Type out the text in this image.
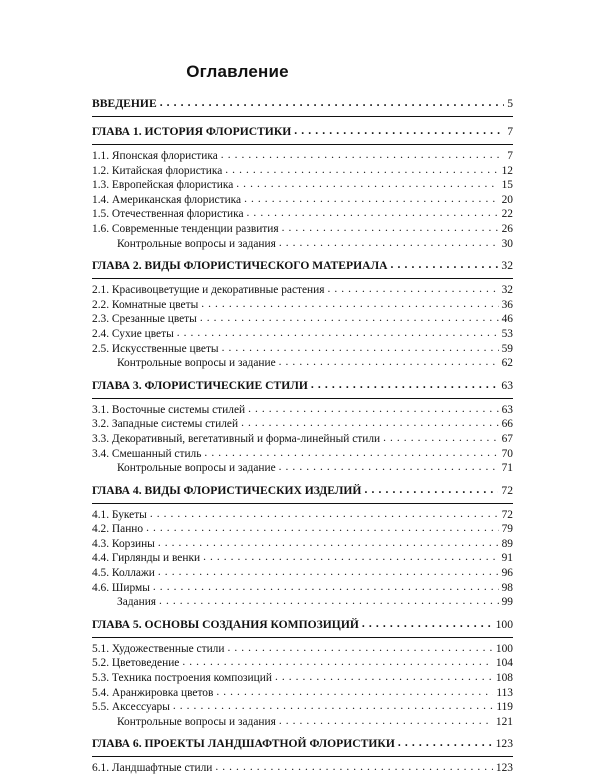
Оглавление
ВВЕДЕНИЕ . . .	5
ГЛАВА 1. ИСТОРИЯ ФЛОРИСТИКИ . . .	7
1.1. Японская флористика . . .	7
1.2. Китайская флористика . . .	12
1.3. Европейская флористика . . .	15
1.4. Американская флористика . . .	20
1.5. Отечественная флористика . . .	22
1.6. Современные тенденции развития . . .	26
Контрольные вопросы и задания . . .	30
ГЛАВА 2. ВИДЫ ФЛОРИСТИЧЕСКОГО МАТЕРИАЛА . . .	32
2.1. Красивоцветущие и декоративные растения . . .	32
2.2. Комнатные цветы . . .	36
2.3. Срезанные цветы . . .	46
2.4. Сухие цветы . . .	53
2.5. Искусственные цветы . . .	59
Контрольные вопросы и задание . . .	62
ГЛАВА 3. ФЛОРИСТИЧЕСКИЕ СТИЛИ . . .	63
3.1. Восточные системы стилей . . .	63
3.2. Западные системы стилей . . .	66
3.3. Декоративный, вегетативный и форма-линейный стили . . .	67
3.4. Смешанный стиль . . .	70
Контрольные вопросы и задание . . .	71
ГЛАВА 4. ВИДЫ ФЛОРИСТИЧЕСКИХ ИЗДЕЛИЙ . . .	72
4.1. Букеты . . .	72
4.2. Панно . . .	79
4.3. Корзины . . .	89
4.4. Гирлянды и венки . . .	91
4.5. Коллажи . . .	96
4.6. Ширмы . . .	98
Задания . . .	99
ГЛАВА 5. ОСНОВЫ СОЗДАНИЯ КОМПОЗИЦИЙ . . .	100
5.1. Художественные стили . . .	100
5.2. Цветоведение . . .	104
5.3. Техника построения композиций . . .	108
5.4. Аранжировка цветов . . .	113
5.5. Аксессуары . . .	119
Контрольные вопросы и задания . . .	121
ГЛАВА 6. ПРОЕКТЫ ЛАНДШАФТНОЙ ФЛОРИСТИКИ . . .	123
6.1. Ландшафтные стили . . .	123
